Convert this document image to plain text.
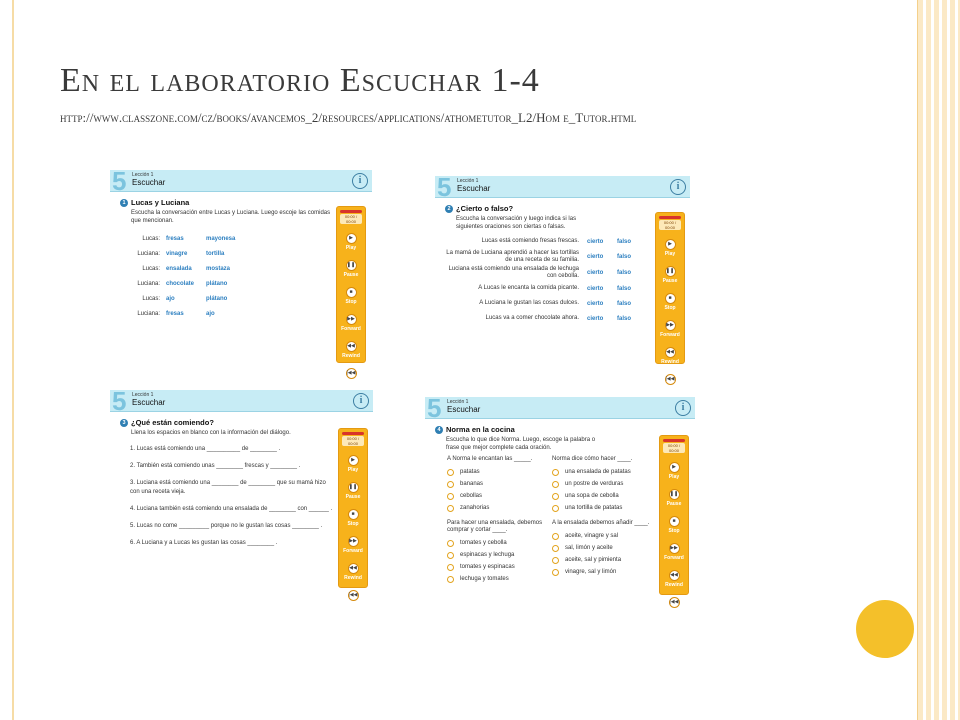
En el laboratorio Escuchar 1-4
http://www.classzone.com/cz/books/avancemos_2/resources/applications/athometutor_L2/Hom e_Tutor.html
5 Lección 1
Escuchar	i
1 Lucas y Luciana
Escucha la conversación entre Lucas y Luciana. Luego escoje las comidas que mencionan.
Lucas:	fresas	mayonesa
Luciana:	vinagre	tortilla
Lucas:	ensalada	mostaza
Luciana:	chocolate	plátano
Lucas:	ajo	plátano
Luciana:	fresas	ajo
00:00 / 00:00
▶
Play
❚❚
Pause
■
Stop
▶▶
Forward
◀◀
Rewind
|◀◀
Beginning
5 Lección 1
Escuchar	i
2 ¿Cierto o falso?
Escucha la conversación y luego indica si las siguientes oraciones son ciertas o falsas.
Lucas está comiendo fresas frescas.	cierto	falso
La mamá de Luciana aprendió a hacer las tortillas de una receta de su familia.	cierto	falso
Luciana está comiendo una ensalada de lechuga con cebolla.	cierto	falso
A Lucas le encanta la comida picante.	cierto	falso
A Luciana le gustan las cosas dulces.	cierto	falso
Lucas va a comer chocolate ahora.	cierto	falso
00:00 / 00:00
▶
Play
❚❚
Pause
■
Stop
▶▶
Forward
◀◀
Rewind
|◀◀
Beginning
5 Lección 1
Escuchar	i
3 ¿Qué están comiendo?
Llena los espacios en blanco con la información del diálogo.
1. Lucas está comiendo una __________ de ________ .
2. También está comiendo unas ________ frescas y ________ .
3. Luciana está comiendo una ________ de ________ que su mamá hizo con una receta vieja.
4. Luciana también está comiendo una ensalada de ________ con ______ .
5. Lucas no come _________ porque no le gustan las cosas ________ .
6. A Luciana y a Lucas les gustan las cosas ________ .
00:00 / 00:00
▶
Play
❚❚
Pause
■
Stop
▶▶
Forward
◀◀
Rewind
|◀◀
Beginning
5 Lección 1
Escuchar	i
4 Norma en la cocina
Escucha lo que dice Norma. Luego, escoge la palabra o frase que mejor complete cada oración.
A Norma le encantan las _____.
patatas
bananas
cebollas
zanahorias
Norma dice cómo hacer ____.
una ensalada de patatas
un postre de verduras
una sopa de cebolla
una tortilla de patatas
Para hacer una ensalada, debemos comprar y cortar ____.
tomates y cebolla
espinacas y lechuga
tomates y espinacas
lechuga y tomates
A la ensalada debemos añadir ____.
aceite, vinagre y sal
sal, limón y aceite
aceite, sal y pimienta
vinagre, sal y limón
00:00 / 00:00
▶
Play
❚❚
Pause
■
Stop
▶▶
Forward
◀◀
Rewind
|◀◀
Beginning
